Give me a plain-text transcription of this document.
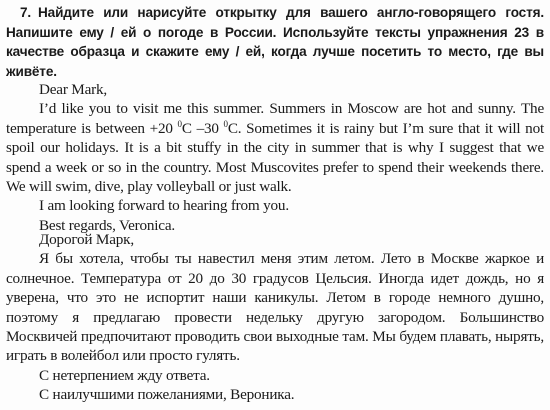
7. Найдите или нарисуйте открытку для вашего англо-говорящего гостя. Напишите ему / ей о погоде в России. Используйте тексты упражнения 23 в качестве образца и скажите ему / ей, когда лучше посетить то место, где вы живёте.
Dear Mark,
I’d like you to visit me this summer. Summers in Moscow are hot and sunny. The temperature is between +20 $^0$C –30 $^0$C. Sometimes it is rainy but I’m sure that it will not spoil our holidays. It is a bit stuffy in the city in summer that is why I suggest that we spend a week or so in the country. Most Muscovites prefer to spend their weekends there. We will swim, dive, play volleyball or just walk.
I am looking forward to hearing from you.
Best regards, Veronica.
Дорогой Марк,
Я бы хотела, чтобы ты навестил меня этим летом. Лето в Москве жаркое и солнечное. Температура от 20 до 30 градусов Цельсия. Иногда идет дождь, но я уверена, что это не испортит наши каникулы. Летом в городе немного душно, поэтому я предлагаю провести недельку другую загородом. Большинство Москвичей предпочитают проводить свои выходные там. Мы будем плавать, нырять, играть в волейбол или просто гулять.
С нетерпением жду ответа.
С наилучшими пожеланиями, Вероника.
